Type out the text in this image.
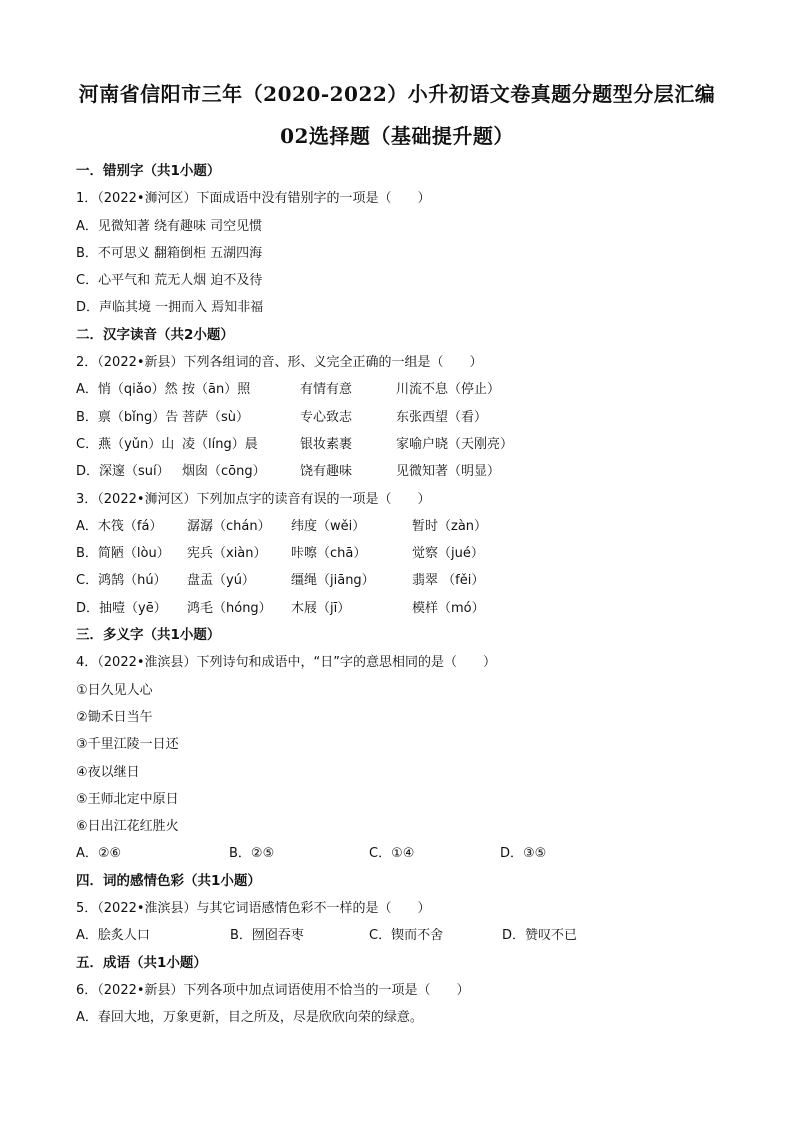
河南省信阳市三年（2020-2022）小升初语文卷真题分题型分层汇编
02选择题（基础提升题）
一．错别字（共1小题）
1．（2022•浉河区）下面成语中没有错别字的一项是（　　）
A．见微知著 绕有趣味 司空见惯
B．不可思义 翻箱倒柜 五湖四海
C．心平气和 荒无人烟 迫不及待
D．声临其境 一拥而入 焉知非福
二．汉字读音（共2小题）
2．（2022•新县）下列各组词的音、形、义完全正确的一组是（　　）
A．悄（qiǎo）然 按（ān）照	有情有意	川流不息（停止）
B．禀（bǐng）告 菩萨（sù）	专心致志	东张西望（看）
C．燕（yǔn）山 凌（líng）晨	银妆素裹	家喻户晓（天刚亮）
D．深邃（suí） 烟囱（cōng）	饶有趣味	见微知著（明显）
3．（2022•浉河区）下列加点字的读音有误的一项是（　　）
A．木筏（fá）	潺潺（chán）	纬度（wěi）	暂时（zàn）
B．简陋（lòu）	宪兵（xiàn）	咔嚓（chā）	觉察（jué）
C．鸿鹄（hú）	盘盂（yú）	缰绳（jiāng）	翡翠 （fěi）
D．抽噎（yē）	鸿毛（hóng）	木屐（jī）	模样（mó）
三．多义字（共1小题）
4．（2022•淮滨县）下列诗句和成语中，“日”字的意思相同的是（　　）
①日久见人心
②锄禾日当午
③千里江陵一日还
④夜以继日
⑤王师北定中原日
⑥日出江花红胜火
A．②⑥	B．②⑤	C．①④	D．③⑤
四．词的感情色彩（共1小题）
5．（2022•淮滨县）与其它词语感情色彩不一样的是（　　）
A．脍炙人口	B．囫囵吞枣	C．锲而不舍	D．赞叹不已
五．成语（共1小题）
6．（2022•新县）下列各项中加点词语使用不恰当的一项是（　　）
A．春回大地，万象更新，目之所及，尽是欣欣向荣的绿意。
